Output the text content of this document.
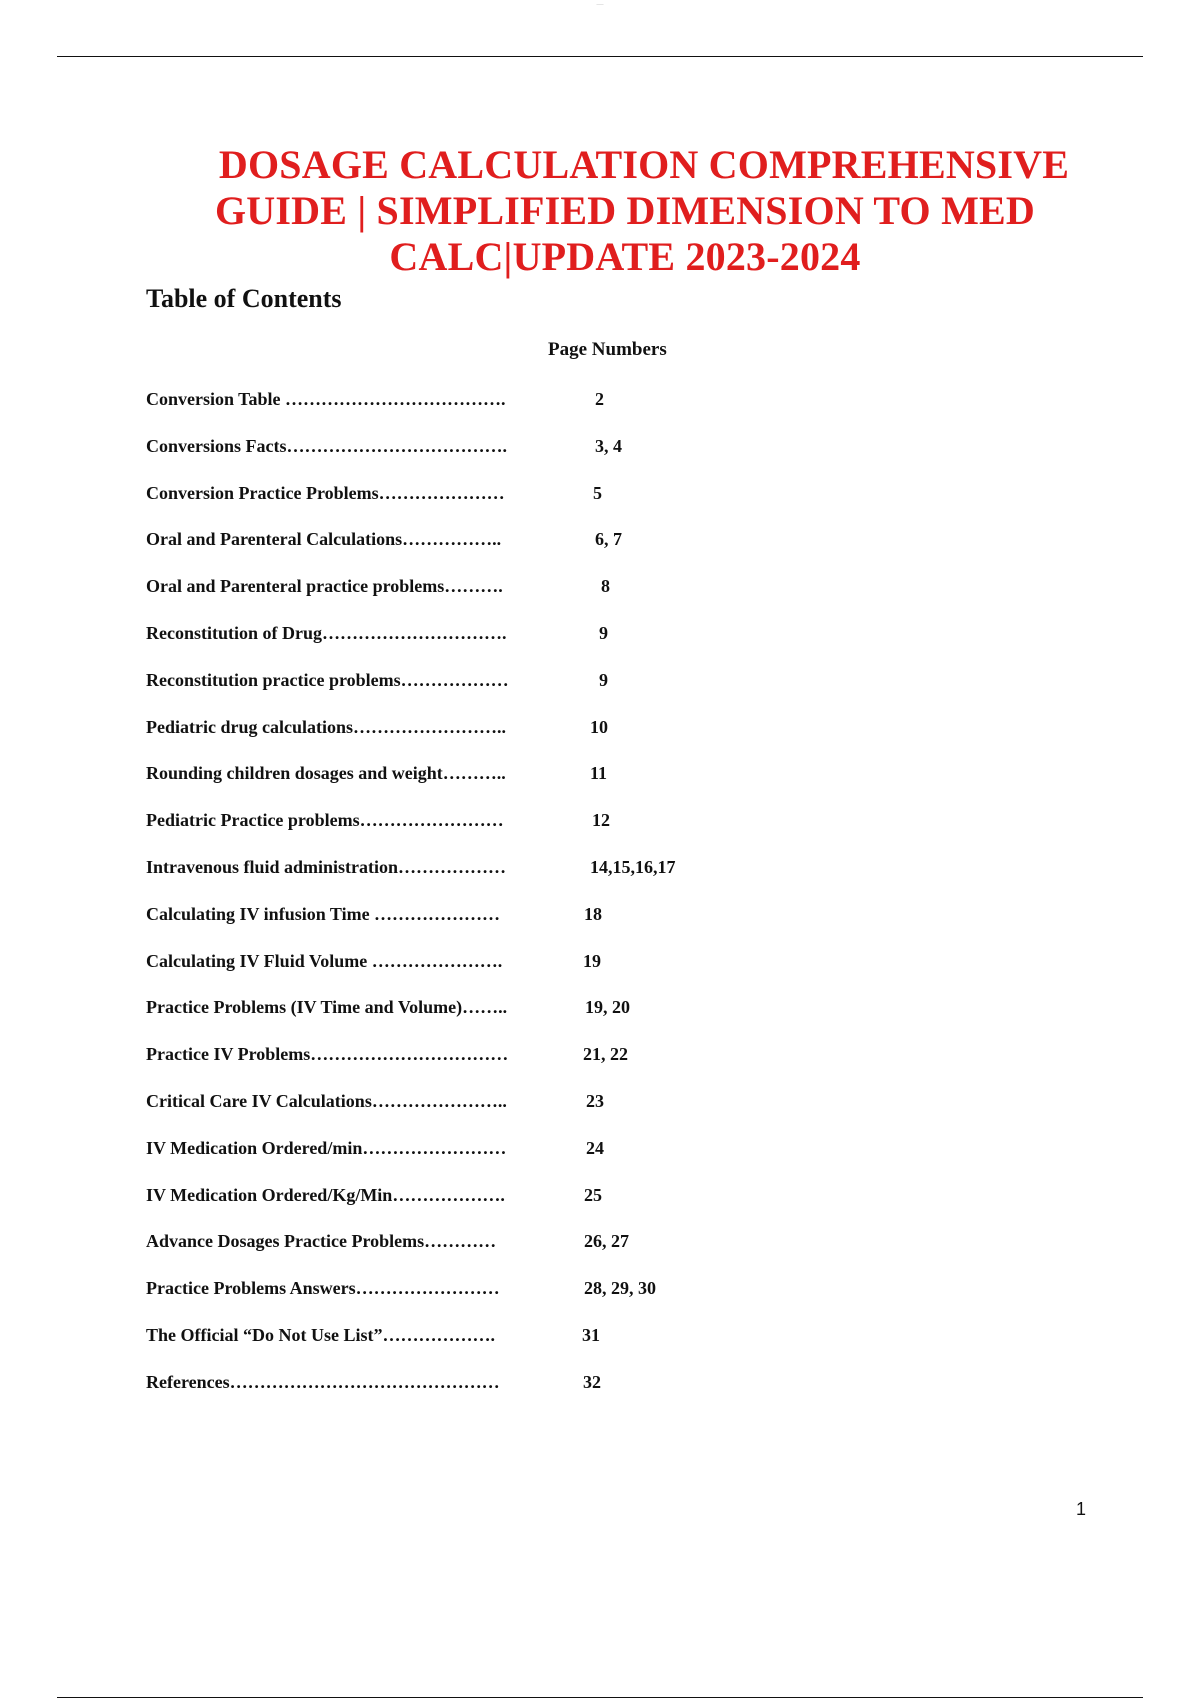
—
DOSAGE CALCULATION COMPREHENSIVE
GUIDE | SIMPLIFIED DIMENSION TO MED
CALC|UPDATE 2023-2024
Table of Contents
Page Numbers
Conversion Table ……………………………….	2
Conversions Facts……………………………….	3, 4
Conversion Practice Problems…………………	5
Oral and Parenteral Calculations……………..	6, 7
Oral and Parenteral practice problems……….	8
Reconstitution of Drug………………………….	9
Reconstitution practice problems………………	9
Pediatric drug calculations……………………..	10
Rounding children dosages and weight………..	11
Pediatric Practice problems……………………	12
Intravenous fluid administration………………	14,15,16,17
Calculating IV infusion Time …………………	18
Calculating IV Fluid Volume ………………….	19
Practice Problems (IV Time and Volume)……..	19, 20
Practice IV Problems……………………………	21, 22
Critical Care IV Calculations…………………..	23
IV Medication Ordered/min……………………	24
IV Medication Ordered/Kg/Min……………….	25
Advance Dosages Practice Problems…………	26, 27
Practice Problems Answers……………………	28, 29, 30
The Official “Do Not Use List”……………….	31
References………………………………………	32
1
